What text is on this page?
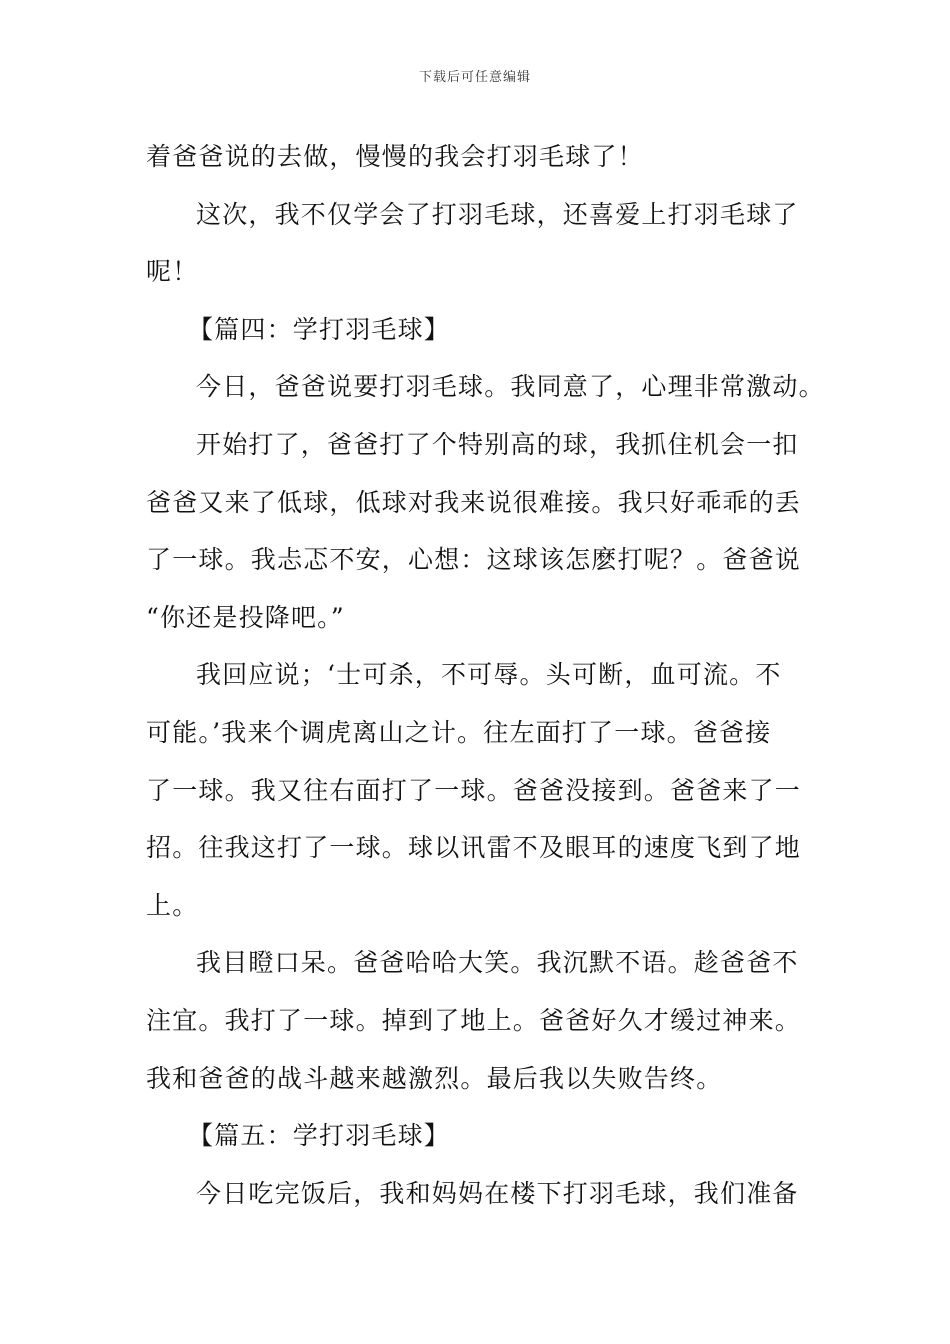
下载后可任意编辑
着爸爸说的去做，慢慢的我会打羽毛球了！
这次，我不仅学会了打羽毛球，还喜爱上打羽毛球了
呢！
【篇四：学打羽毛球】
今日，爸爸说要打羽毛球。我同意了，心理非常激动。
开始打了，爸爸打了个特别高的球，我抓住机会一扣
爸爸又来了低球，低球对我来说很难接。我只好乖乖的丢
了一球。我忐忑不安，心想：这球该怎麽打呢？。爸爸说
“你还是投降吧。”
我回应说；‘士可杀，不可辱。头可断，血可流。不
可能。’我来个调虎离山之计。往左面打了一球。爸爸接
了一球。我又往右面打了一球。爸爸没接到。爸爸来了一
招。往我这打了一球。球以讯雷不及眼耳的速度飞到了地
上。
我目瞪口呆。爸爸哈哈大笑。我沉默不语。趁爸爸不
注宜。我打了一球。掉到了地上。爸爸好久才缓过神来。
我和爸爸的战斗越来越激烈。最后我以失败告终。
【篇五：学打羽毛球】
今日吃完饭后，我和妈妈在楼下打羽毛球，我们准备
